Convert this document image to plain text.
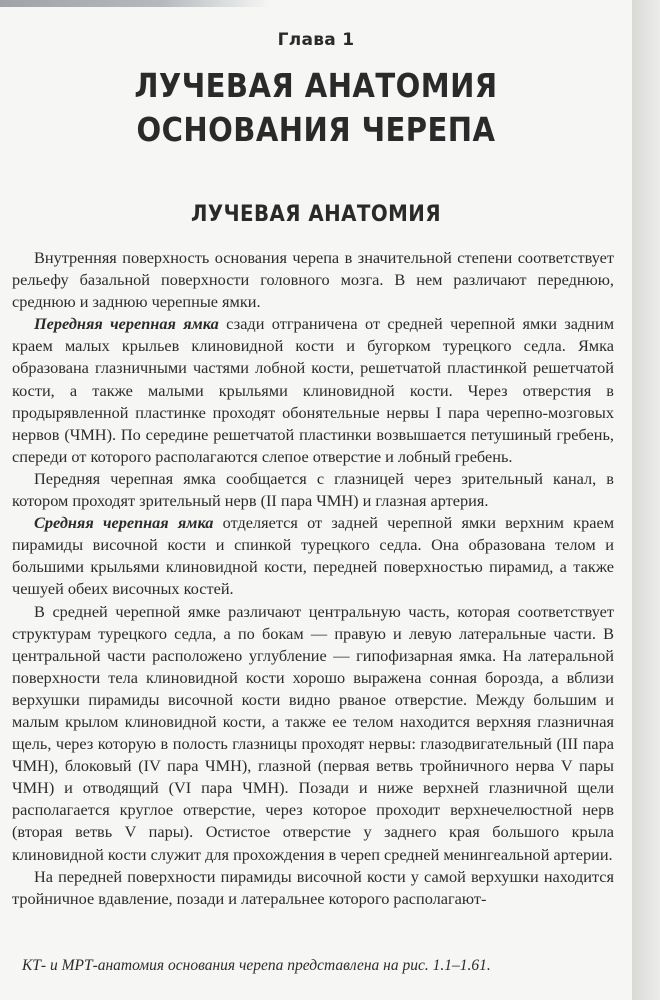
Глава 1
ЛУЧЕВАЯ АНАТОМИЯ
ОСНОВАНИЯ ЧЕРЕПА
ЛУЧЕВАЯ АНАТОМИЯ

Внутренняя поверхность основания черепа в значительной степени соответствует рельефу базальной поверхности головного мозга. В нем различают переднюю, среднюю и заднюю черепные ямки.

Передняя черепная ямка сзади отграничена от средней черепной ямки задним краем малых крыльев клиновидной кости и бугорком турецкого седла. Ямка образована глазничными частями лобной кости, решетчатой пластинкой решетчатой кости, а также малыми крыльями клиновидной кости. Через отверстия в продырявленной пластинке проходят обонятельные нервы I пара черепно-мозговых нервов (ЧМН). По середине решетчатой пластинки возвышается петушиный гребень, спереди от которого располагаются слепое отверстие и лобный гребень.

Передняя черепная ямка сообщается с глазницей через зрительный канал, в котором проходят зрительный нерв (II пара ЧМН) и глазная артерия.

Средняя черепная ямка отделяется от задней черепной ямки верхним краем пирамиды височной кости и спинкой турецкого седла. Она образована телом и большими крыльями клиновидной кости, передней поверхностью пирамид, а также чешуей обеих височных костей.

В средней черепной ямке различают центральную часть, которая соответствует структурам турецкого седла, а по бокам — правую и левую латеральные части. В центральной части расположено углубление — гипофизарная ямка. На латеральной поверхности тела клиновидной кости хорошо выражена сонная борозда, а вблизи верхушки пирамиды височной кости видно рваное отверстие. Между большим и малым крылом клиновидной кости, а также ее телом находится верхняя глазничная щель, через которую в полость глазницы проходят нервы: глазодвигательный (III пара ЧМН), блоковый (IV пара ЧМН), глазной (первая ветвь тройничного нерва V пары ЧМН) и отводящий (VI пара ЧМН). Позади и ниже верхней глазничной щели располагается круглое отверстие, через которое проходит верхнечелюстной нерв (вторая ветвь V пары). Остистое отверстие у заднего края большого крыла клиновидной кости служит для прохождения в череп средней менингеальной артерии.

На передней поверхности пирамиды височной кости у самой верхушки находится тройничное вдавление, позади и латеральнее которого располагают-

КТ- и МРТ-анатомия основания черепа представлена на рис. 1.1–1.61.
